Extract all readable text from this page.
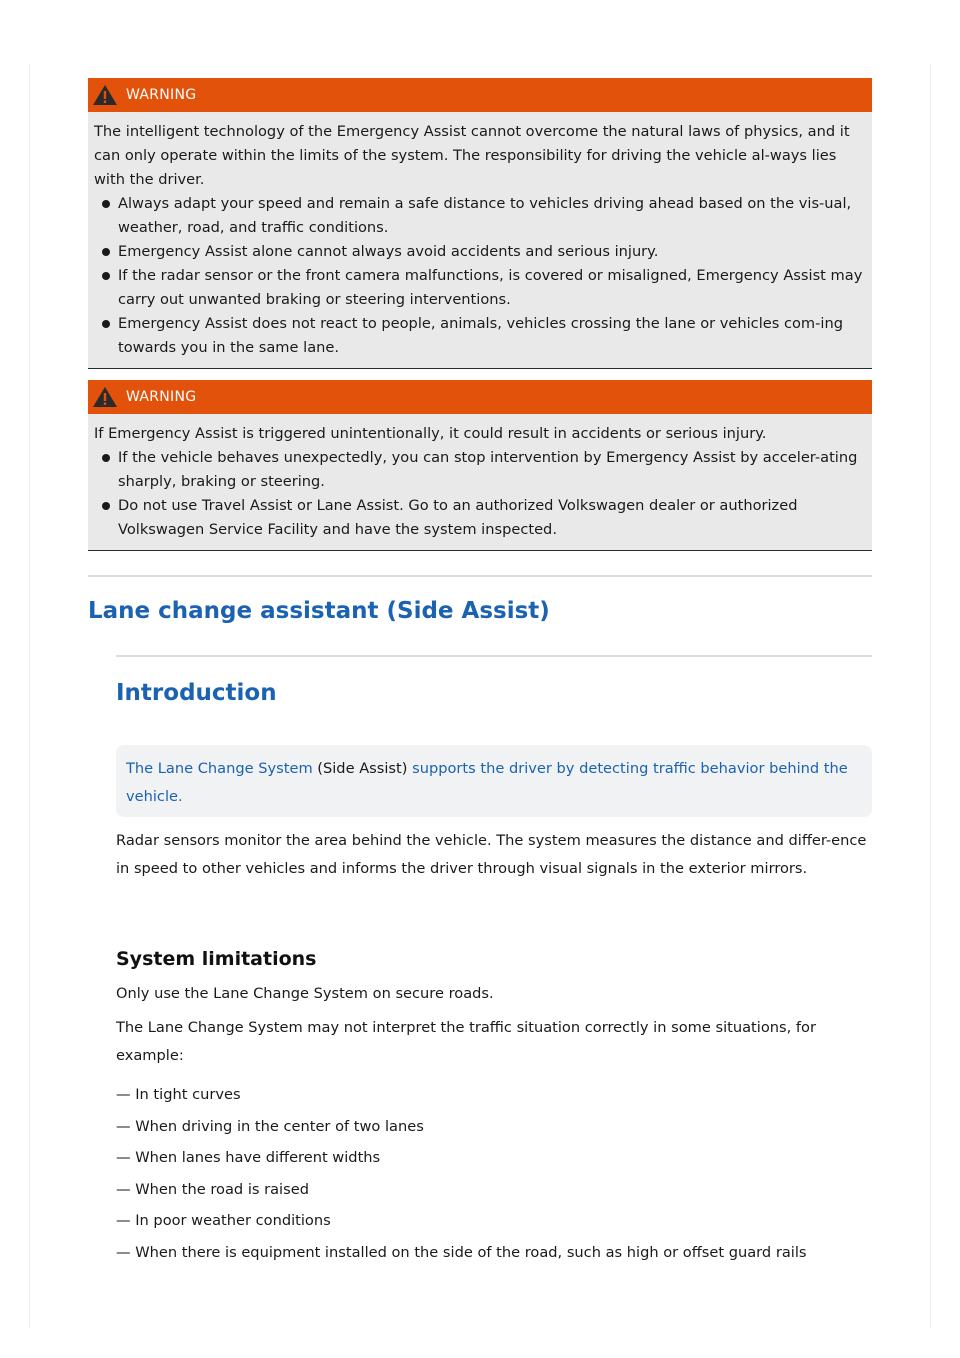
WARNING

The intelligent technology of the Emergency Assist cannot overcome the natural laws of physics, and it can only operate within the limits of the system. The responsibility for driving the vehicle al-ways lies with the driver.

Always adapt your speed and remain a safe distance to vehicles driving ahead based on the vis-ual, weather, road, and traffic conditions.
Emergency Assist alone cannot always avoid accidents and serious injury.
If the radar sensor or the front camera malfunctions, is covered or misaligned, Emergency Assist may carry out unwanted braking or steering interventions.
Emergency Assist does not react to people, animals, vehicles crossing the lane or vehicles com-ing towards you in the same lane.
WARNING

If Emergency Assist is triggered unintentionally, it could result in accidents or serious injury.

If the vehicle behaves unexpectedly, you can stop intervention by Emergency Assist by acceler-ating sharply, braking or steering.
Do not use Travel Assist or Lane Assist. Go to an authorized Volkswagen dealer or authorized Volkswagen Service Facility and have the system inspected.
Lane change assistant (Side Assist)
Introduction
The Lane Change System (Side Assist) supports the driver by detecting traffic behavior behind the vehicle.

Radar sensors monitor the area behind the vehicle. The system measures the distance and differ-ence in speed to other vehicles and informs the driver through visual signals in the exterior mirrors.

System limitations

Only use the Lane Change System on secure roads.

The Lane Change System may not interpret the traffic situation correctly in some situations, for example:

— In tight curves
— When driving in the center of two lanes
— When lanes have different widths
— When the road is raised
— In poor weather conditions
— When there is equipment installed on the side of the road, such as high or offset guard rails
